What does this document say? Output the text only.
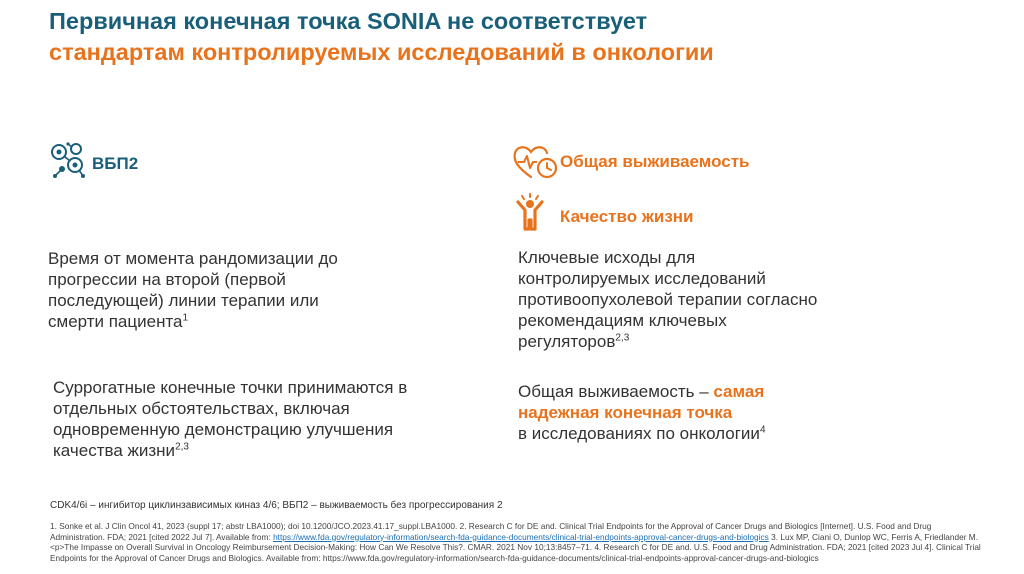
Первичная конечная точка SONIA не соответствует
стандартам контролируемых исследований в онкологии
ВБП2

Время от момента рандомизации до прогрессии на второй (первой последующей) линии терапии или смерти пациента$^1$

Суррогатные конечные точки принимаются в отдельных обстоятельствах, включая одновременную демонстрацию улучшения качества жизни$^{2,3}$

Общая выживаемость
Качество жизни

Ключевые исходы для контролируемых исследований противоопухолевой терапии согласно рекомендациям ключевых регуляторов$^{2,3}$

Общая выживаемость – самая надежная конечная точка
в исследованиях по онкологии$^4$

CDK4/6i – ингибитор циклинзависимых киназ 4/6; ВБП2 – выживаемость без прогрессирования 2

1. Sonke et al. J Clin Oncol 41, 2023 (suppl 17; abstr LBA1000); doi 10.1200/JCO.2023.41.17_suppl.LBA1000. 2. Research C for DE and. Clinical Trial Endpoints for the Approval of Cancer Drugs and Biologics [Internet]. U.S. Food and Drug Administration. FDA; 2021 [cited 2022 Jul 7]. Available from: https://www.fda.gov/regulatory-information/search-fda-guidance-documents/clinical-trial-endpoints-approval-cancer-drugs-and-biologics 3. Lux MP, Ciani O, Dunlop WC, Ferris A, Friedlander M. <p>The Impasse on Overall Survival in Oncology Reimbursement Decision-Making: How Can We Resolve This?. CMAR. 2021 Nov 10;13:8457–71. 4. Research C for DE and. U.S. Food and Drug Administration. FDA; 2021 [cited 2023 Jul 4]. Clinical Trial Endpoints for the Approval of Cancer Drugs and Biologics. Available from: https://www.fda.gov/regulatory-information/search-fda-guidance-documents/clinical-trial-endpoints-approval-cancer-drugs-and-biologics
